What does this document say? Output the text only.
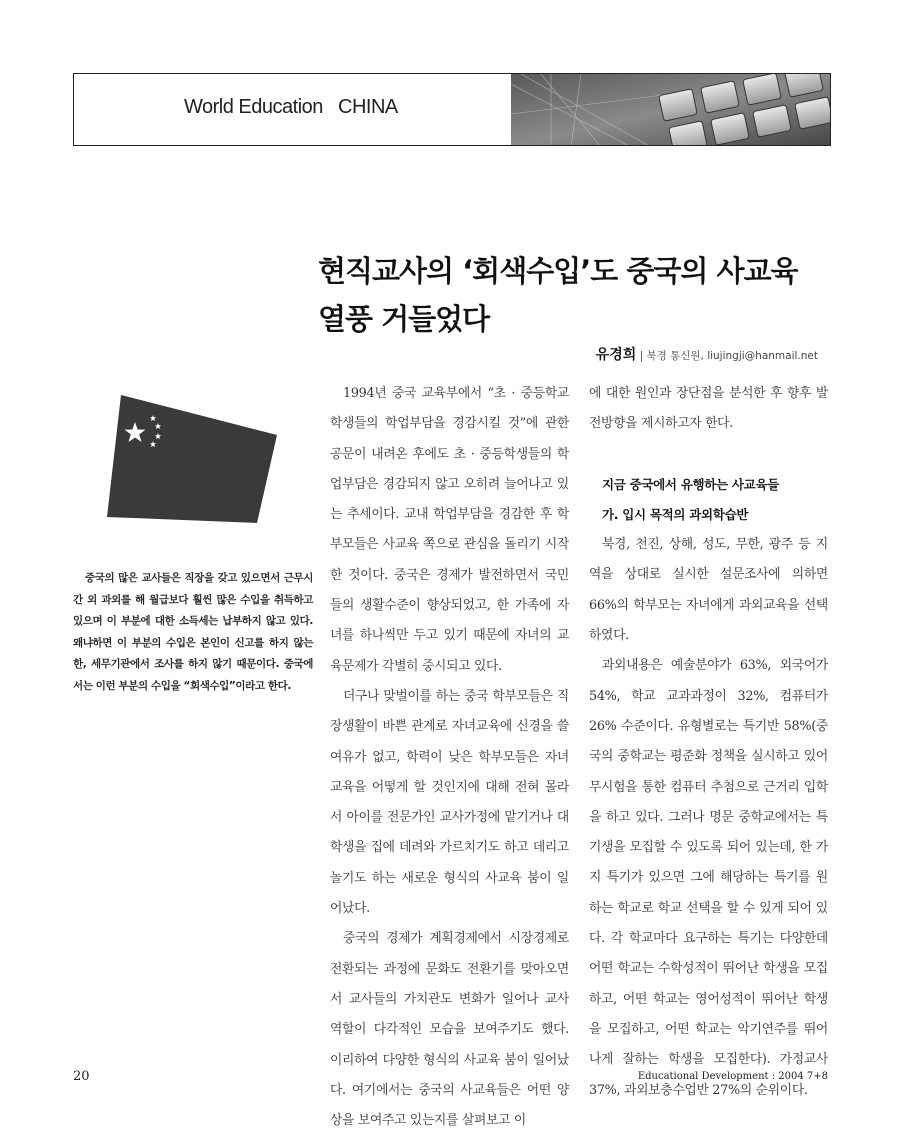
World Education   CHINA
현직교사의 ‘회색수입’도 중국의 사교육
열풍 거들었다
유경희 | 북경 통신원, liujingji@hanmail.net

중국의 많은 교사들은 직장을 갖고 있으면서 근무시간 외 과외를 해 월급보다 훨씬 많은 수입을 취득하고 있으며 이 부분에 대한 소득세는 납부하지 않고 있다. 왜냐하면 이 부분의 수입은 본인이 신고를 하지 않는 한, 세무기관에서 조사를 하지 않기 때문이다. 중국에서는 이런 부분의 수입을 “회색수입”이라고 한다.

1994년 중국 교육부에서 “초 · 중등학교 학생들의 학업부담을 경감시킬 것”에 관한 공문이 내려온 후에도 초 · 중등학생들의 학업부담은 경감되지 않고 오히려 늘어나고 있는 추세이다. 교내 학업부담을 경감한 후 학부모들은 사교육 쪽으로 관심을 돌리기 시작한 것이다. 중국은 경제가 발전하면서 국민들의 생활수준이 향상되었고, 한 가족에 자녀를 하나씩만 두고 있기 때문에 자녀의 교육문제가 각별히 중시되고 있다.

더구나 맞벌이를 하는 중국 학부모들은 직장생활이 바쁜 관계로 자녀교육에 신경을 쓸 여유가 없고, 학력이 낮은 학부모들은 자녀교육을 어떻게 할 것인지에 대해 전혀 몰라서 아이를 전문가인 교사가정에 맡기거나 대학생을 집에 데려와 가르치기도 하고 데리고 놀기도 하는 새로운 형식의 사교육 붐이 일어났다.

중국의 경제가 계획경제에서 시장경제로 전환되는 과정에 문화도 전환기를 맞아오면서 교사들의 가치관도 변화가 일어나 교사 역할이 다각적인 모습을 보여주기도 했다. 이리하여 다양한 형식의 사교육 붐이 일어났다. 여기에서는 중국의 사교육들은 어떤 양상을 보여주고 있는지를 살펴보고 이

에 대한 원인과 장단점을 분석한 후 향후 발전방향을 제시하고자 한다.

지금 중국에서 유행하는 사교육들

가. 입시 목적의 과외학습반

북경, 천진, 상해, 성도, 무한, 광주 등 지역을 상대로 실시한 설문조사에 의하면 66%의 학부모는 자녀에게 과외교육을 선택하였다.

과외내용은 예술분야가 63%, 외국어가 54%, 학교 교과과정이 32%, 컴퓨터가 26% 수준이다. 유형별로는 특기반 58%(중국의 중학교는 평준화 정책을 실시하고 있어 무시험을 통한 컴퓨터 추첨으로 근거리 입학을 하고 있다. 그러나 명문 중학교에서는 특기생을 모집할 수 있도록 되어 있는데, 한 가지 특기가 있으면 그에 해당하는 특기를 원하는 학교로 학교 선택을 할 수 있게 되어 있다. 각 학교마다 요구하는 특기는 다양한데 어떤 학교는 수학성적이 뛰어난 학생을 모집하고, 어떤 학교는 영어성적이 뛰어난 학생을 모집하고, 어떤 학교는 악기연주를 뛰어나게 잘하는 학생을 모집한다). 가정교사 37%, 과외보충수업반 27%의 순위이다.

20	Educational Development : 2004 7+8
